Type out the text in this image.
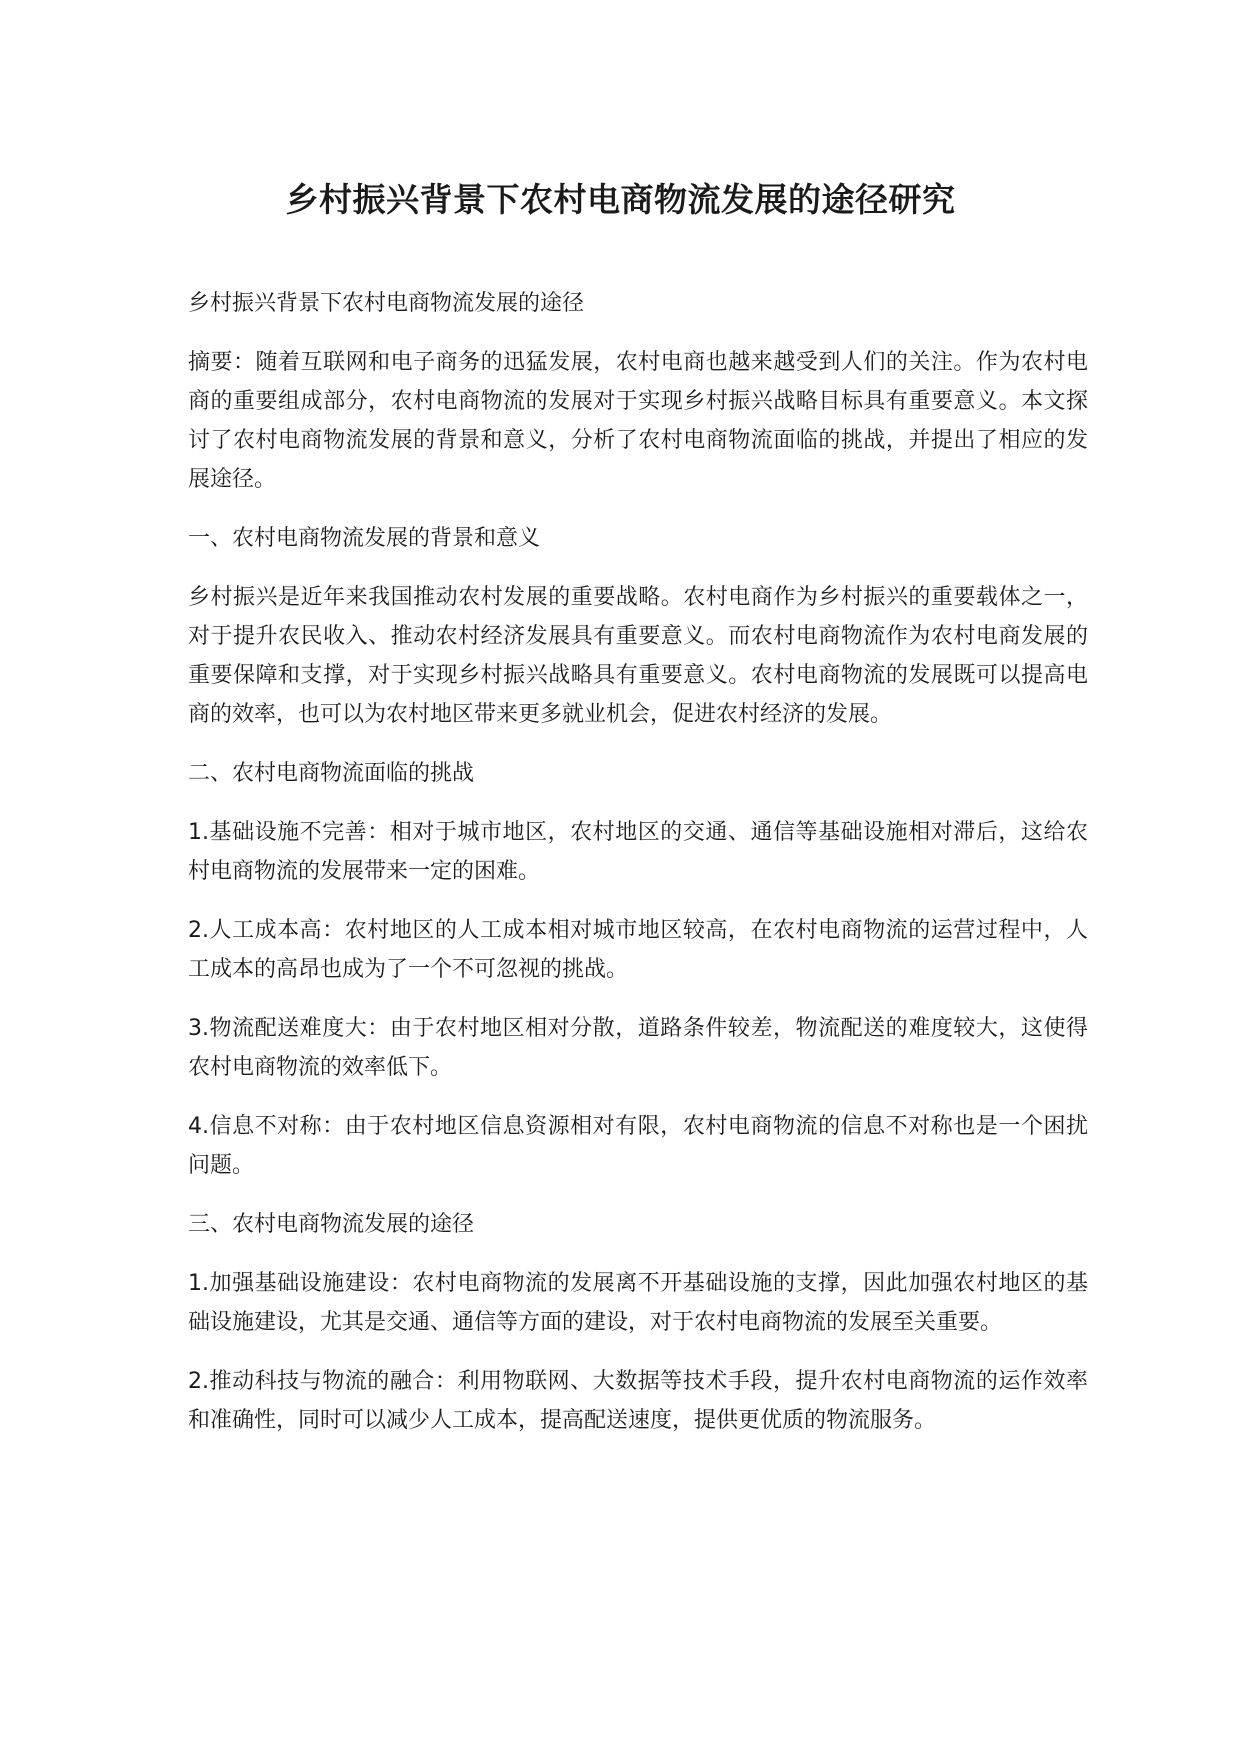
乡村振兴背景下农村电商物流发展的途径研究

乡村振兴背景下农村电商物流发展的途径

摘要：随着互联网和电子商务的迅猛发展，农村电商也越来越受到人们的关注。作为农村电商的重要组成部分，农村电商物流的发展对于实现乡村振兴战略目标具有重要意义。本文探讨了农村电商物流发展的背景和意义，分析了农村电商物流面临的挑战，并提出了相应的发展途径。

一、农村电商物流发展的背景和意义

乡村振兴是近年来我国推动农村发展的重要战略。农村电商作为乡村振兴的重要载体之一，对于提升农民收入、推动农村经济发展具有重要意义。而农村电商物流作为农村电商发展的重要保障和支撑，对于实现乡村振兴战略具有重要意义。农村电商物流的发展既可以提高电商的效率，也可以为农村地区带来更多就业机会，促进农村经济的发展。

二、农村电商物流面临的挑战

1.基础设施不完善：相对于城市地区，农村地区的交通、通信等基础设施相对滞后，这给农村电商物流的发展带来一定的困难。

2.人工成本高：农村地区的人工成本相对城市地区较高，在农村电商物流的运营过程中，人工成本的高昂也成为了一个不可忽视的挑战。

3.物流配送难度大：由于农村地区相对分散，道路条件较差，物流配送的难度较大，这使得农村电商物流的效率低下。

4.信息不对称：由于农村地区信息资源相对有限，农村电商物流的信息不对称也是一个困扰问题。

三、农村电商物流发展的途径

1.加强基础设施建设：农村电商物流的发展离不开基础设施的支撑，因此加强农村地区的基础设施建设，尤其是交通、通信等方面的建设，对于农村电商物流的发展至关重要。

2.推动科技与物流的融合：利用物联网、大数据等技术手段，提升农村电商物流的运作效率和准确性，同时可以减少人工成本，提高配送速度，提供更优质的物流服务。
